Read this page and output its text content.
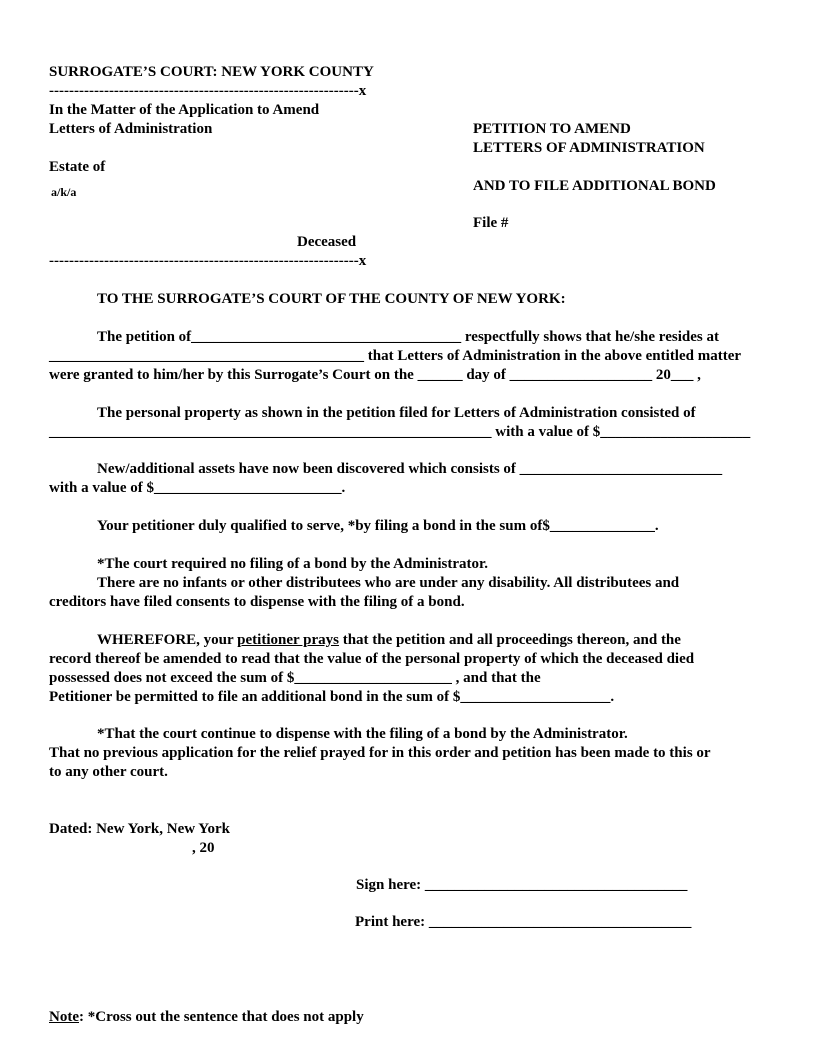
SURROGATE’S COURT: NEW YORK COUNTY
--------------------------------------------------------------x
In the Matter of the Application to Amend
Letters of Administration
Estate of
a/k/a
Deceased
--------------------------------------------------------------x
PETITION TO AMEND
LETTERS OF ADMINISTRATION
AND TO FILE ADDITIONAL BOND
File #
TO THE SURROGATE’S COURT OF THE COUNTY OF NEW YORK:
The petition of____________________________________ respectfully shows that he/she resides at
__________________________________________ that Letters of Administration in the above entitled matter
were granted to him/her by this Surrogate’s Court on the ______ day of ___________________ 20___ ,
The personal property as shown in the petition filed for Letters of Administration consisted of
___________________________________________________________ with a value of $____________________
New/additional assets have now been discovered which consists of ___________________________
with a value of $_________________________.
Your petitioner duly qualified to serve, *by filing a bond in the sum of$______________.
*The court required no filing of a bond by the Administrator.
There are no infants or other distributees who are under any disability. All distributees and
creditors have filed consents to dispense with the filing of a bond.
WHEREFORE, your petitioner prays that the petition and all proceedings thereon, and the
record thereof be amended to read that the value of the personal property of which the deceased died
possessed does not exceed the sum of $_____________________ , and that the
Petitioner be permitted to file an additional bond in the sum of $____________________.
*That the court continue to dispense with the filing of a bond by the Administrator.
That no previous application for the relief prayed for in this order and petition has been made to this or
to any other court.
Dated: New York, New York
, 20
Sign here: ___________________________________
Print here: ___________________________________
Note: *Cross out the sentence that does not apply
